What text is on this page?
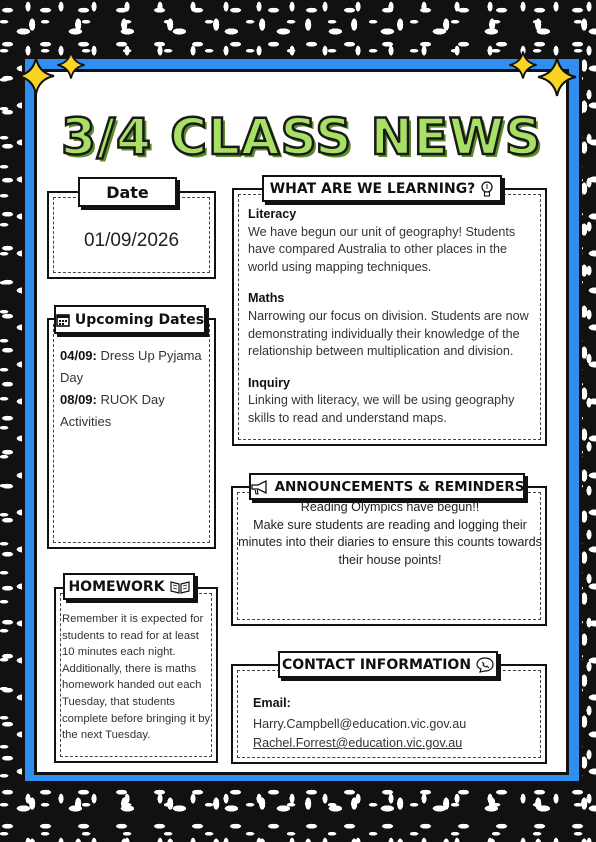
3/4 CLASS NEWS
Date
01/09/2026
Upcoming Dates

04/09: Dress Up Pyjama Day

08/09: RUOK Day Activities

HOMEWORK
Remember it is expected for students to read for at least 10 minutes each night. Additionally, there is maths homework handed out each Tuesday, that students complete before bringing it by the next Tuesday.
WHAT ARE WE LEARNING?
Literacy

We have begun our unit of geography! Students have compared Australia to other places in the world using mapping techniques.

Maths

Narrowing our focus on division. Students are now demonstrating individually their knowledge of the relationship between multiplication and division.

Inquiry

Linking with literacy, we will be using geography skills to read and understand maps.

ANNOUNCEMENTS & REMINDERS
Reading Olympics have begun!!
Make sure students are reading and logging their minutes into their diaries to ensure this counts towards their house points!
CONTACT INFORMATION
Email:
Harry.Campbell@education.vic.gov.au
Rachel.Forrest@education.vic.gov.au
